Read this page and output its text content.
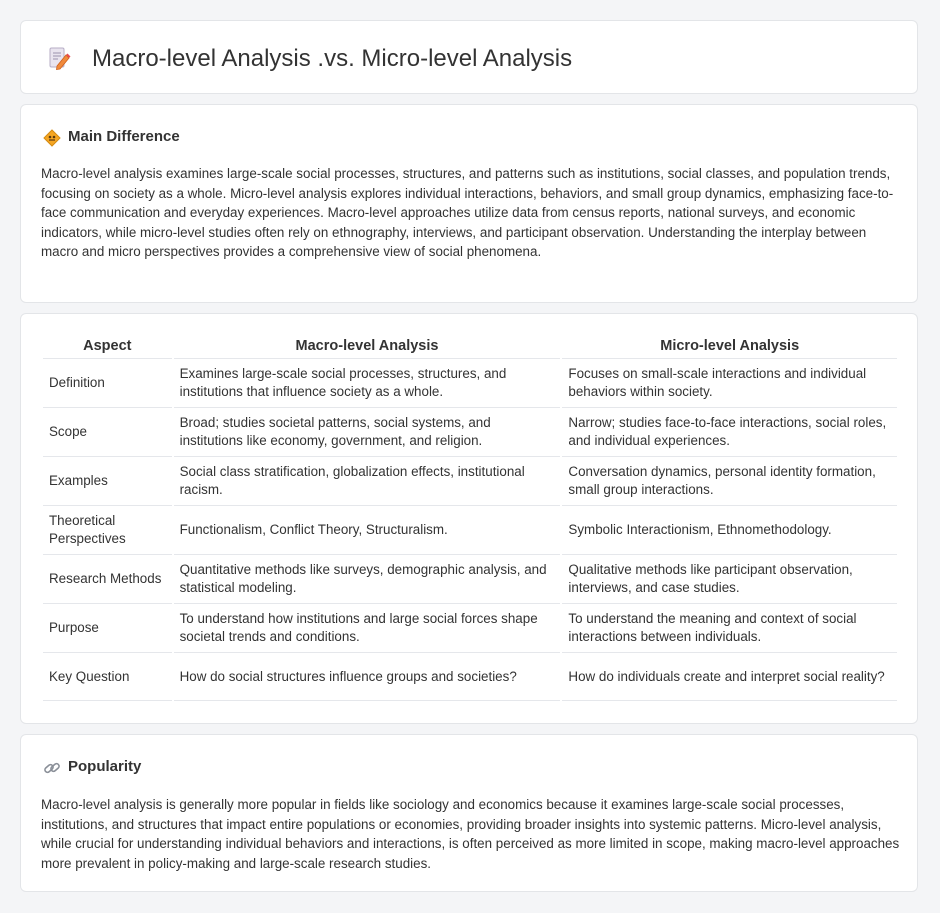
Macro-level Analysis .vs. Micro-level Analysis
Main Difference

Macro-level analysis examines large-scale social processes, structures, and patterns such as institutions, social classes, and population trends, focusing on society as a whole. Micro-level analysis explores individual interactions, behaviors, and small group dynamics, emphasizing face-to-face communication and everyday experiences. Macro-level approaches utilize data from census reports, national surveys, and economic indicators, while micro-level studies often rely on ethnography, interviews, and participant observation. Understanding the interplay between macro and micro perspectives provides a comprehensive view of social phenomena.

Aspect	Macro-level Analysis	Micro-level Analysis
Definition	Examines large-scale social processes, structures, and institutions that influence society as a whole.	Focuses on small-scale interactions and individual behaviors within society.
Scope	Broad; studies societal patterns, social systems, and institutions like economy, government, and religion.	Narrow; studies face-to-face interactions, social roles, and individual experiences.
Examples	Social class stratification, globalization effects, institutional racism.	Conversation dynamics, personal identity formation, small group interactions.
Theoretical Perspectives	Functionalism, Conflict Theory, Structuralism.	Symbolic Interactionism, Ethnomethodology.
Research Methods	Quantitative methods like surveys, demographic analysis, and statistical modeling.	Qualitative methods like participant observation, interviews, and case studies.
Purpose	To understand how institutions and large social forces shape societal trends and conditions.	To understand the meaning and context of social interactions between individuals.
Key Question	How do social structures influence groups and societies?	How do individuals create and interpret social reality?
Popularity

Macro-level analysis is generally more popular in fields like sociology and economics because it examines large-scale social processes, institutions, and structures that impact entire populations or economies, providing broader insights into systemic patterns. Micro-level analysis, while crucial for understanding individual behaviors and interactions, is often perceived as more limited in scope, making macro-level approaches more prevalent in policy-making and large-scale research studies.
